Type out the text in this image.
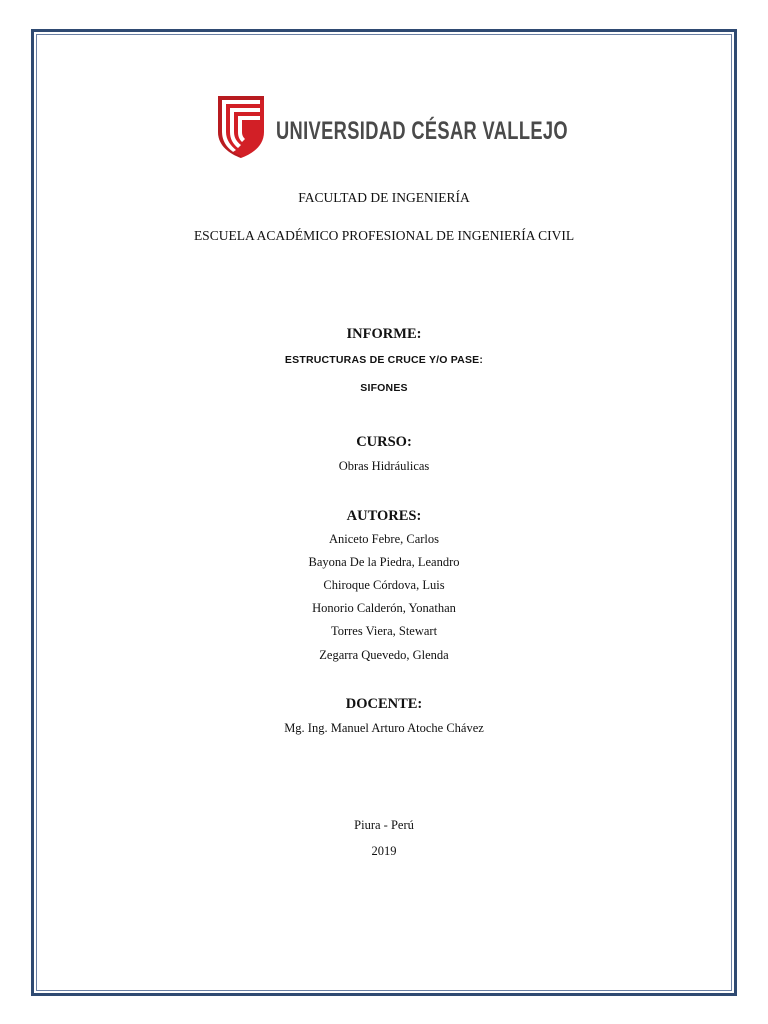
UNIVERSIDAD CÉSAR VALLEJO
FACULTAD DE INGENIERÍA
ESCUELA ACADÉMICO PROFESIONAL DE INGENIERÍA CIVIL
INFORME:
ESTRUCTURAS DE CRUCE Y/O PASE:
SIFONES
CURSO:
Obras Hidráulicas
AUTORES:
Aniceto Febre, Carlos
Bayona De la Piedra, Leandro
Chiroque Córdova, Luis
Honorio Calderón, Yonathan
Torres Viera, Stewart
Zegarra Quevedo, Glenda
DOCENTE:
Mg. Ing. Manuel Arturo Atoche Chávez
Piura - Perú
2019
